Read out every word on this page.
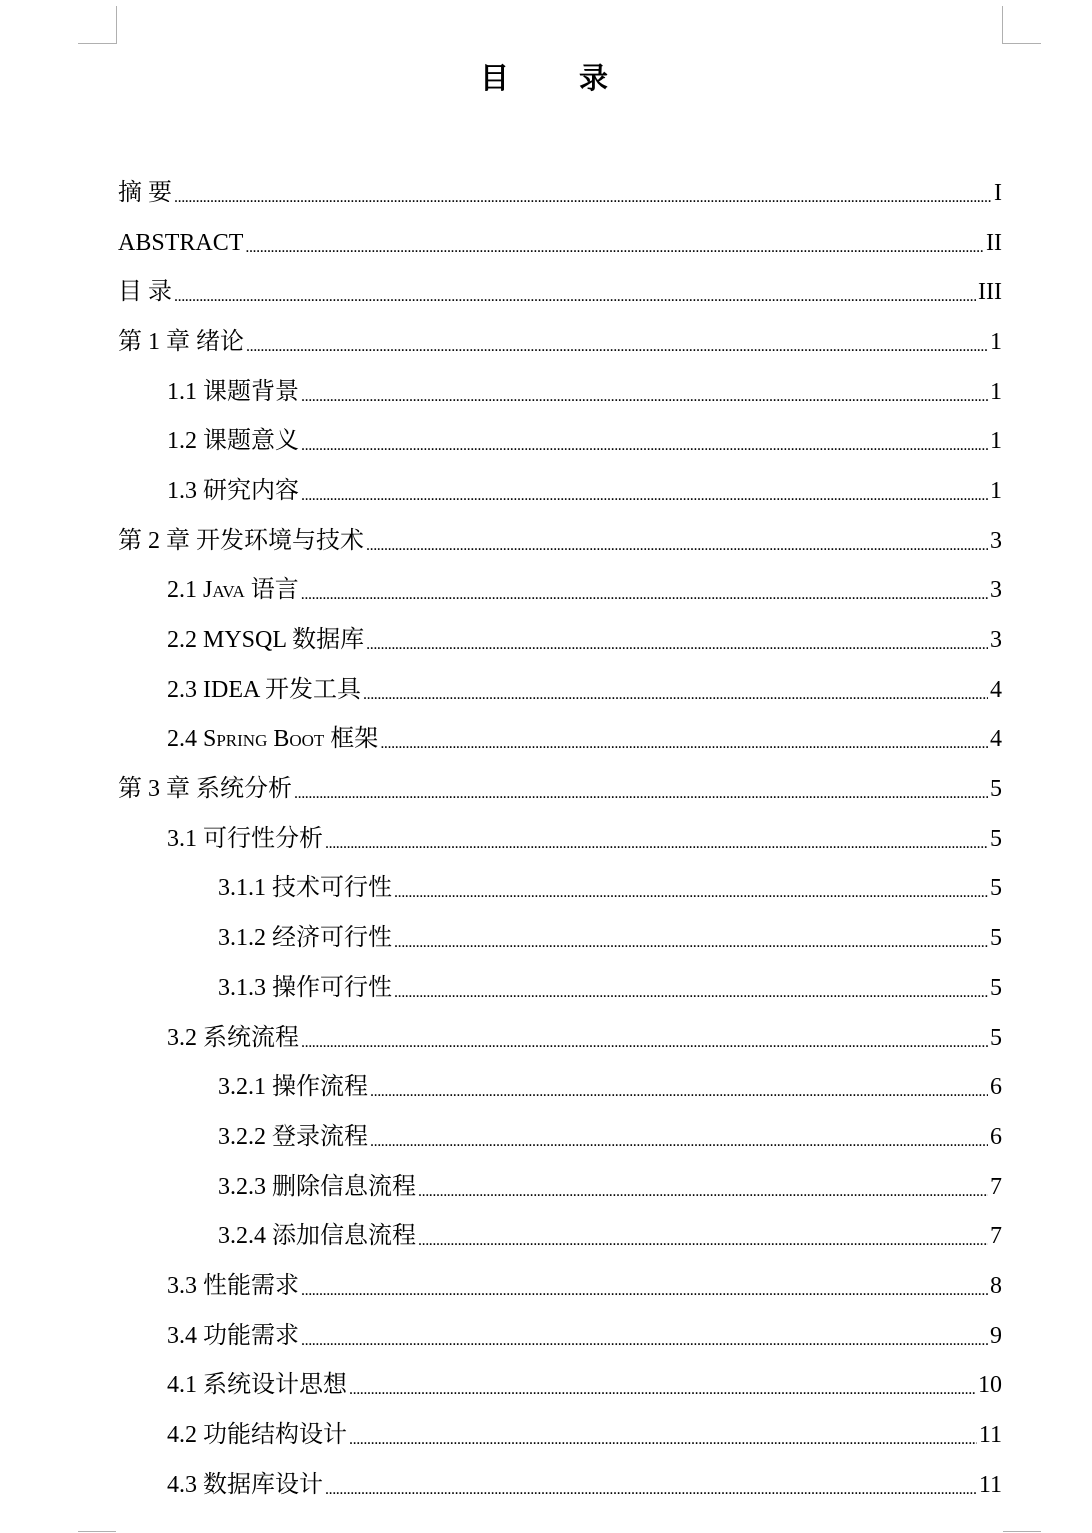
目 录
摘 要 .....	I
ABSTRACT .....	II
目 录 .....	III
第 1 章 绪论 .....	1
1.1 课题背景 .....	1
1.2 课题意义 .....	1
1.3 研究内容 .....	1
第 2 章 开发环境与技术 .....	3
2.1 Java 语言 .....	3
2.2 MYSQL 数据库 .....	3
2.3 IDEA 开发工具 .....	4
2.4 Spring Boot 框架 .....	4
第 3 章 系统分析 .....	5
3.1 可行性分析 .....	5
3.1.1 技术可行性 .....	5
3.1.2 经济可行性 .....	5
3.1.3 操作可行性 .....	5
3.2 系统流程 .....	5
3.2.1 操作流程 .....	6
3.2.2 登录流程 .....	6
3.2.3 删除信息流程 .....	7
3.2.4 添加信息流程 .....	7
3.3 性能需求 .....	8
3.4 功能需求 .....	9
4.1 系统设计思想 .....	10
4.2 功能结构设计 .....	11
4.3 数据库设计 .....	11
